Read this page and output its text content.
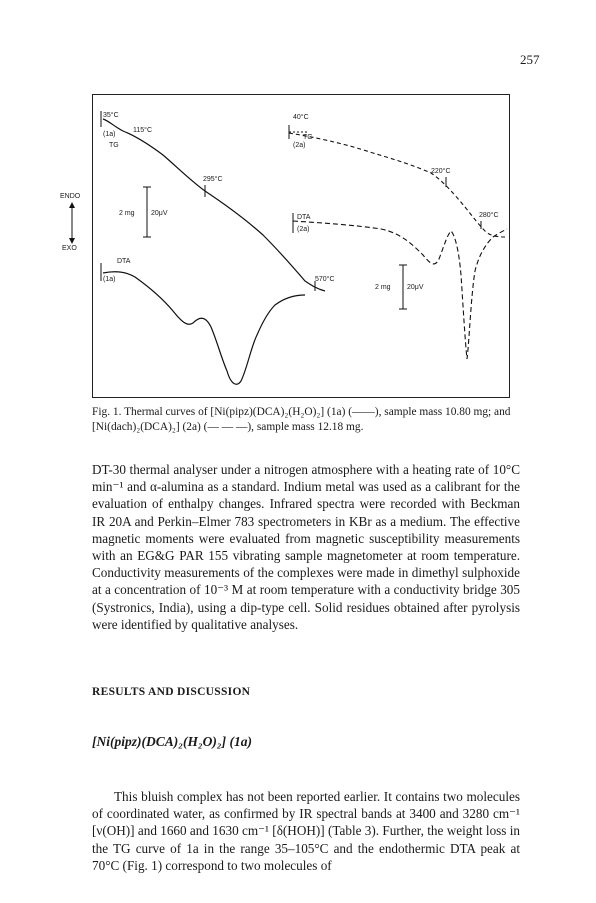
257
35°C
(1a)
115°C
TG
40°C
TG
(2a)
295°C
220°C
280°C
2 mg 20μV
DTA
(2a)
DTA
(1a)	570°C
2 mg 20μV
ENDO
EXO
Fig. 1. Thermal curves of [Ni(pipz)(DCA)₂(H₂O)₂] (1a) (——), sample mass 10.80 mg; and
[Ni(dach)₂(DCA)₂] (2a) (— — —), sample mass 12.18 mg.

DT-30 thermal analyser under a nitrogen atmosphere with a heating rate of 10°C min⁻¹ and α-alumina as a standard. Indium metal was used as a calibrant for the evaluation of enthalpy changes. Infrared spectra were recorded with Beckman IR 20A and Perkin–Elmer 783 spectrometers in KBr as a medium. The effective magnetic moments were evaluated from magnetic susceptibility measurements with an EG&G PAR 155 vibrating sample magnetometer at room temperature. Conductivity measurements of the complexes were made in dimethyl sulphoxide at a concentration of 10⁻³ M at room temperature with a conductivity bridge 305 (Systronics, India), using a dip-type cell. Solid residues obtained after pyrolysis were identified by qualitative analyses.

RESULTS AND DISCUSSION
[Ni(pipz)(DCA)₂(H₂O)₂] (1a)

This bluish complex has not been reported earlier. It contains two molecules of coordinated water, as confirmed by IR spectral bands at 3400 and 3280 cm⁻¹ [ν(OH)] and 1660 and 1630 cm⁻¹ [δ(HOH)] (Table 3). Further, the weight loss in the TG curve of 1a in the range 35–105°C and the endothermic DTA peak at 70°C (Fig. 1) correspond to two molecules of
